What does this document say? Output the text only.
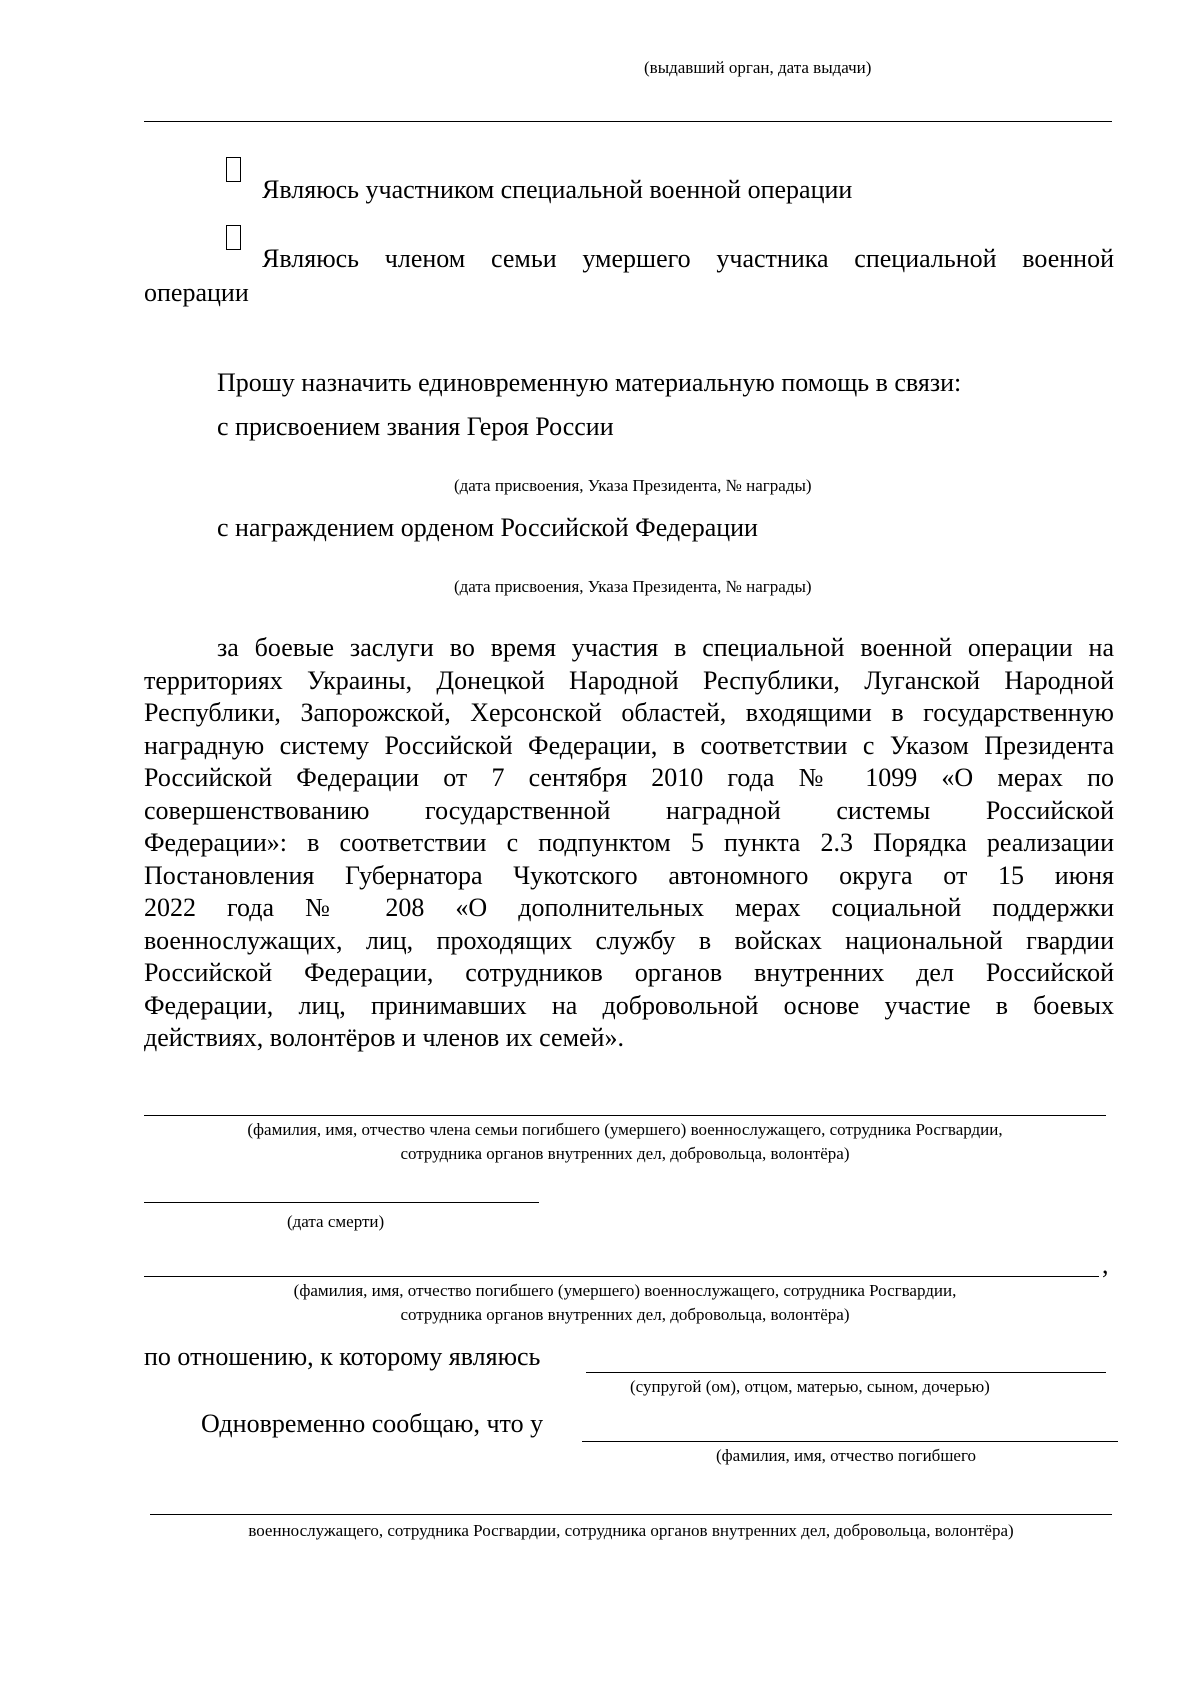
(выдавший орган, дата выдачи)
Являюсь участником специальной военной операции
Являюсь членом семьи умершего участника специальной военной
операции
Прошу назначить единовременную материальную помощь в связи:
с присвоением звания Героя России
(дата присвоения, Указа Президента, № награды)
с награждением орденом Российской Федерации
(дата присвоения, Указа Президента, № награды)
за боевые заслуги во время участия в специальной военной операции на
территориях Украины, Донецкой Народной Республики, Луганской Народной
Республики, Запорожской, Херсонской областей, входящими в государственную
наградную систему Российской Федерации, в соответствии с Указом Президента
Российской Федерации от 7 сентября 2010 года № 1099 «О мерах по
совершенствованию государственной наградной системы Российской
Федерации»: в соответствии с подпунктом 5 пункта 2.3 Порядка реализации
Постановления Губернатора Чукотского автономного округа от 15 июня
2022 года № 208 «О дополнительных мерах социальной поддержки
военнослужащих, лиц, проходящих службу в войсках национальной гвардии
Российской Федерации, сотрудников органов внутренних дел Российской
Федерации, лиц, принимавших на добровольной основе участие в боевых
действиях, волонтёров и членов их семей».
(фамилия, имя, отчество члена семьи погибшего (умершего) военнослужащего, сотрудника Росгвардии,
сотрудника органов внутренних дел, добровольца, волонтёра)
(дата смерти)
,
(фамилия, имя, отчество погибшего (умершего) военнослужащего, сотрудника Росгвардии,
сотрудника органов внутренних дел, добровольца, волонтёра)
по отношению, к которому являюсь
(супругой (ом), отцом, матерью, сыном, дочерью)
Одновременно сообщаю, что у
(фамилия, имя, отчество погибшего
военнослужащего, сотрудника Росгвардии, сотрудника органов внутренних дел, добровольца, волонтёра)
